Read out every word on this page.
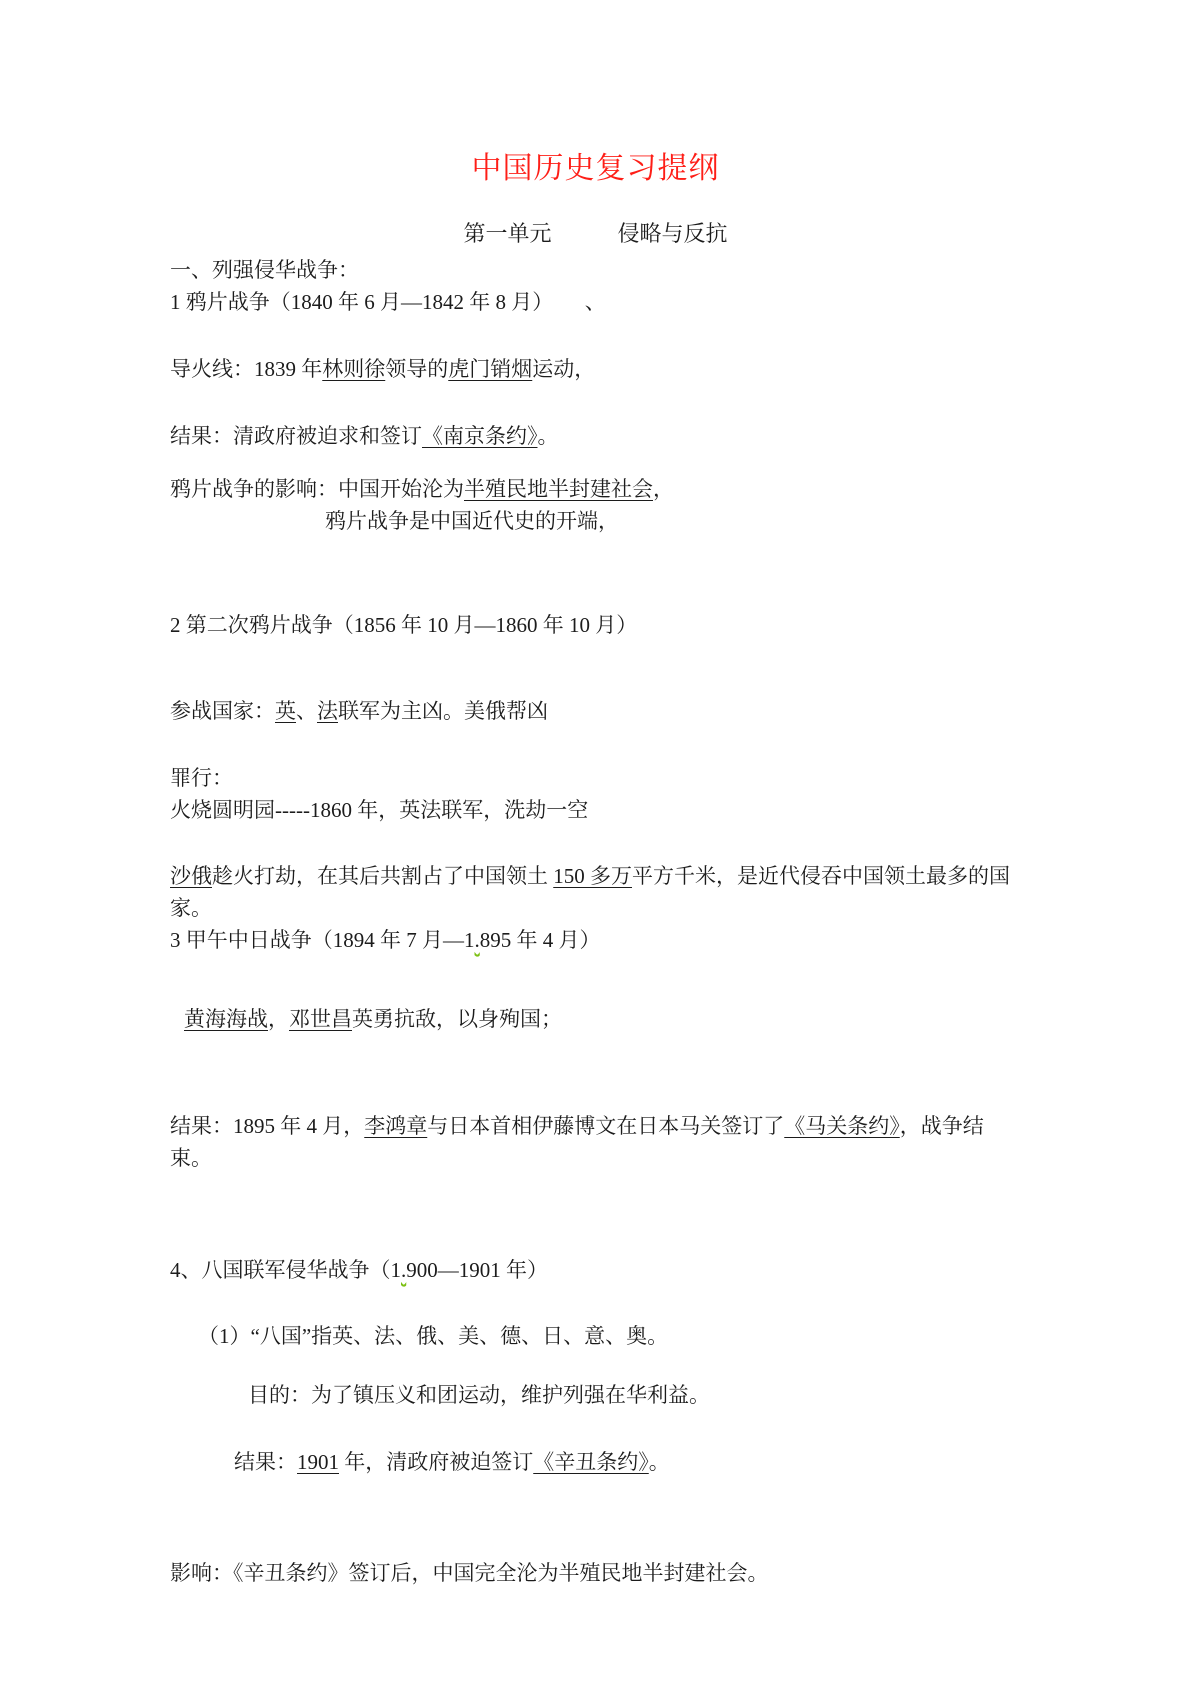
中国历史复习提纲
第一单元　　　侵略与反抗
一、列强侵华战争：
1 鸦片战争（1840 年 6 月—1842 年 8 月）　　、
导火线：1839 年林则徐领导的虎门销烟运动，
结果：清政府被迫求和签订《南京条约》。
鸦片战争的影响：中国开始沦为半殖民地半封建社会，
鸦片战争是中国近代史的开端，
2 第二次鸦片战争（1856 年 10 月—1860 年 10 月）
参战国家：英、法联军为主凶。美俄帮凶
罪行：
火烧圆明园-----1860 年，英法联军，洗劫一空
沙俄趁火打劫，在其后共割占了中国领土 150 多万平方千米，是近代侵吞中国领土最多的国家。
3 甲午中日战争（1894 年 7 月—1.895 年 4 月）
黄海海战，邓世昌英勇抗敌，以身殉国；
结果：1895 年 4 月，李鸿章与日本首相伊藤博文在日本马关签订了《马关条约》，战争结束。
4、八国联军侵华战争（1.900—1901 年）
（1）“八国”指英、法、俄、美、德、日、意、奥。
目的：为了镇压义和团运动，维护列强在华利益。
结果：1901 年，清政府被迫签订《辛丑条约》。
影响：《辛丑条约》签订后，中国完全沦为半殖民地半封建社会。
